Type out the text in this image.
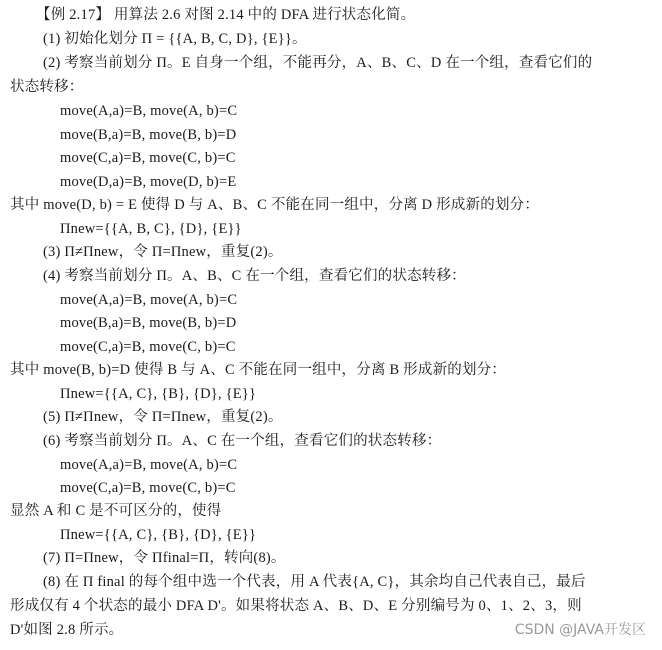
【例 2.17】 用算法 2.6 对图 2.14 中的 DFA 进行状态化简。
(1) 初始化划分 Π = {{A, B, C, D}, {E}}。
(2) 考察当前划分 Π。E 自身一个组，不能再分，A、B、C、D 在一个组，查看它们的
状态转移：
move(A,a)=B, move(A, b)=C
move(B,a)=B, move(B, b)=D
move(C,a)=B, move(C, b)=C
move(D,a)=B, move(D, b)=E
其中 move(D, b) = E 使得 D 与 A、B、C 不能在同一组中，分离 D 形成新的划分：
Πnew={{A, B, C}, {D}, {E}}
(3) Π≠Πnew，令 Π=Πnew，重复(2)。
(4) 考察当前划分 Π。A、B、C 在一个组，查看它们的状态转移：
move(A,a)=B, move(A, b)=C
move(B,a)=B, move(B, b)=D
move(C,a)=B, move(C, b)=C
其中 move(B, b)=D 使得 B 与 A、C 不能在同一组中，分离 B 形成新的划分：
Πnew={{A, C}, {B}, {D}, {E}}
(5) Π≠Πnew，令 Π=Πnew，重复(2)。
(6) 考察当前划分 Π。A、C 在一个组，查看它们的状态转移：
move(A,a)=B, move(A, b)=C
move(C,a)=B, move(C, b)=C
显然 A 和 C 是不可区分的，使得
Πnew={{A, C}, {B}, {D}, {E}}
(7) Π=Πnew，令 Πfinal=Π，转向(8)。
(8) 在 Π final 的每个组中选一个代表，用 A 代表{A, C}，其余均自己代表自己，最后
形成仅有 4 个状态的最小 DFA D'。如果将状态 A、B、D、E 分别编号为 0、1、2、3，则
D'如图 2.8 所示。	CSDN @JAVA开发区
